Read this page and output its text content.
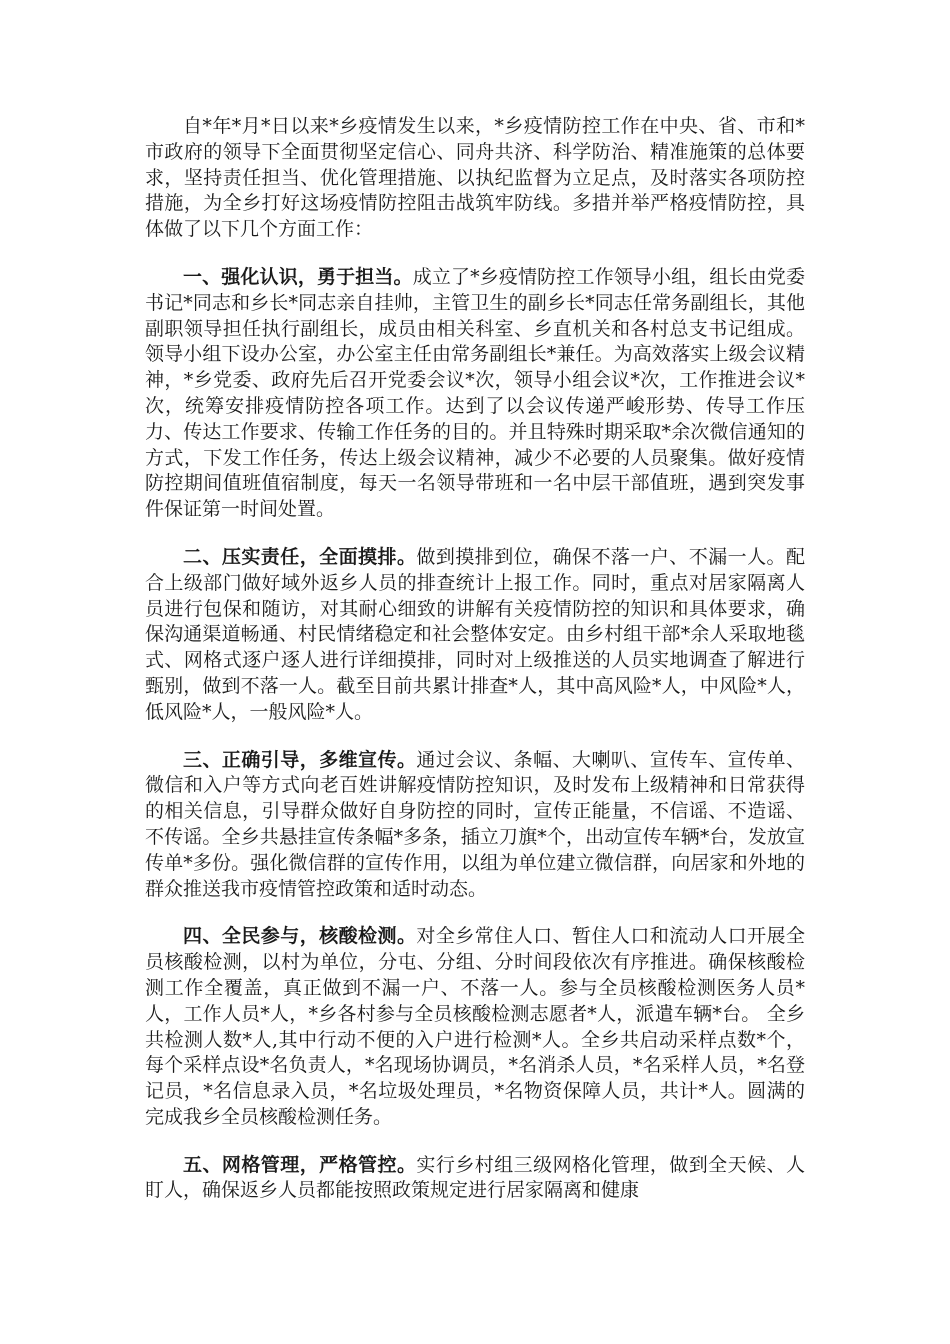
自*年*月*日以来*乡疫情发生以来，*乡疫情防控工作在中央、省、市和*市政府的领导下全面贯彻坚定信心、同舟共济、科学防治、精准施策的总体要求，坚持责任担当、优化管理措施、以执纪监督为立足点，及时落实各项防控措施，为全乡打好这场疫情防控阻击战筑牢防线。多措并举严格疫情防控，具体做了以下几个方面工作：

一、强化认识，勇于担当。成立了*乡疫情防控工作领导小组，组长由党委书记*同志和乡长*同志亲自挂帅，主管卫生的副乡长*同志任常务副组长，其他副职领导担任执行副组长，成员由相关科室、乡直机关和各村总支书记组成。领导小组下设办公室，办公室主任由常务副组长*兼任。为高效落实上级会议精神，*乡党委、政府先后召开党委会议*次，领导小组会议*次，工作推进会议*次，统筹安排疫情防控各项工作。达到了以会议传递严峻形势、传导工作压力、传达工作要求、传输工作任务的目的。并且特殊时期采取*余次微信通知的方式，下发工作任务，传达上级会议精神，减少不必要的人员聚集。做好疫情防控期间值班值宿制度，每天一名领导带班和一名中层干部值班，遇到突发事件保证第一时间处置。

二、压实责任，全面摸排。做到摸排到位，确保不落一户、不漏一人。配合上级部门做好域外返乡人员的排查统计上报工作。同时，重点对居家隔离人员进行包保和随访，对其耐心细致的讲解有关疫情防控的知识和具体要求，确保沟通渠道畅通、村民情绪稳定和社会整体安定。由乡村组干部*余人采取地毯式、网格式逐户逐人进行详细摸排，同时对上级推送的人员实地调查了解进行甄别，做到不落一人。截至目前共累计排查*人，其中高风险*人，中风险*人，低风险*人，一般风险*人。

三、正确引导，多维宣传。通过会议、条幅、大喇叭、宣传车、宣传单、微信和入户等方式向老百姓讲解疫情防控知识，及时发布上级精神和日常获得的相关信息，引导群众做好自身防控的同时，宣传正能量，不信谣、不造谣、不传谣。全乡共悬挂宣传条幅*多条，插立刀旗*个，出动宣传车辆*台，发放宣传单*多份。强化微信群的宣传作用，以组为单位建立微信群，向居家和外地的群众推送我市疫情管控政策和适时动态。

四、全民参与，核酸检测。对全乡常住人口、暂住人口和流动人口开展全员核酸检测，以村为单位，分屯、分组、分时间段依次有序推进。确保核酸检测工作全覆盖，真正做到不漏一户、不落一人。参与全员核酸检测医务人员*人，工作人员*人，*乡各村参与全员核酸检测志愿者*人，派遣车辆*台。 全乡共检测人数*人,其中行动不便的入户进行检测*人。全乡共启动采样点数*个，每个采样点设*名负责人，*名现场协调员，*名消杀人员，*名采样人员，*名登记员，*名信息录入员，*名垃圾处理员，*名物资保障人员，共计*人。圆满的完成我乡全员核酸检测任务。

五、网格管理，严格管控。实行乡村组三级网格化管理，做到全天候、人盯人，确保返乡人员都能按照政策规定进行居家隔离和健康
